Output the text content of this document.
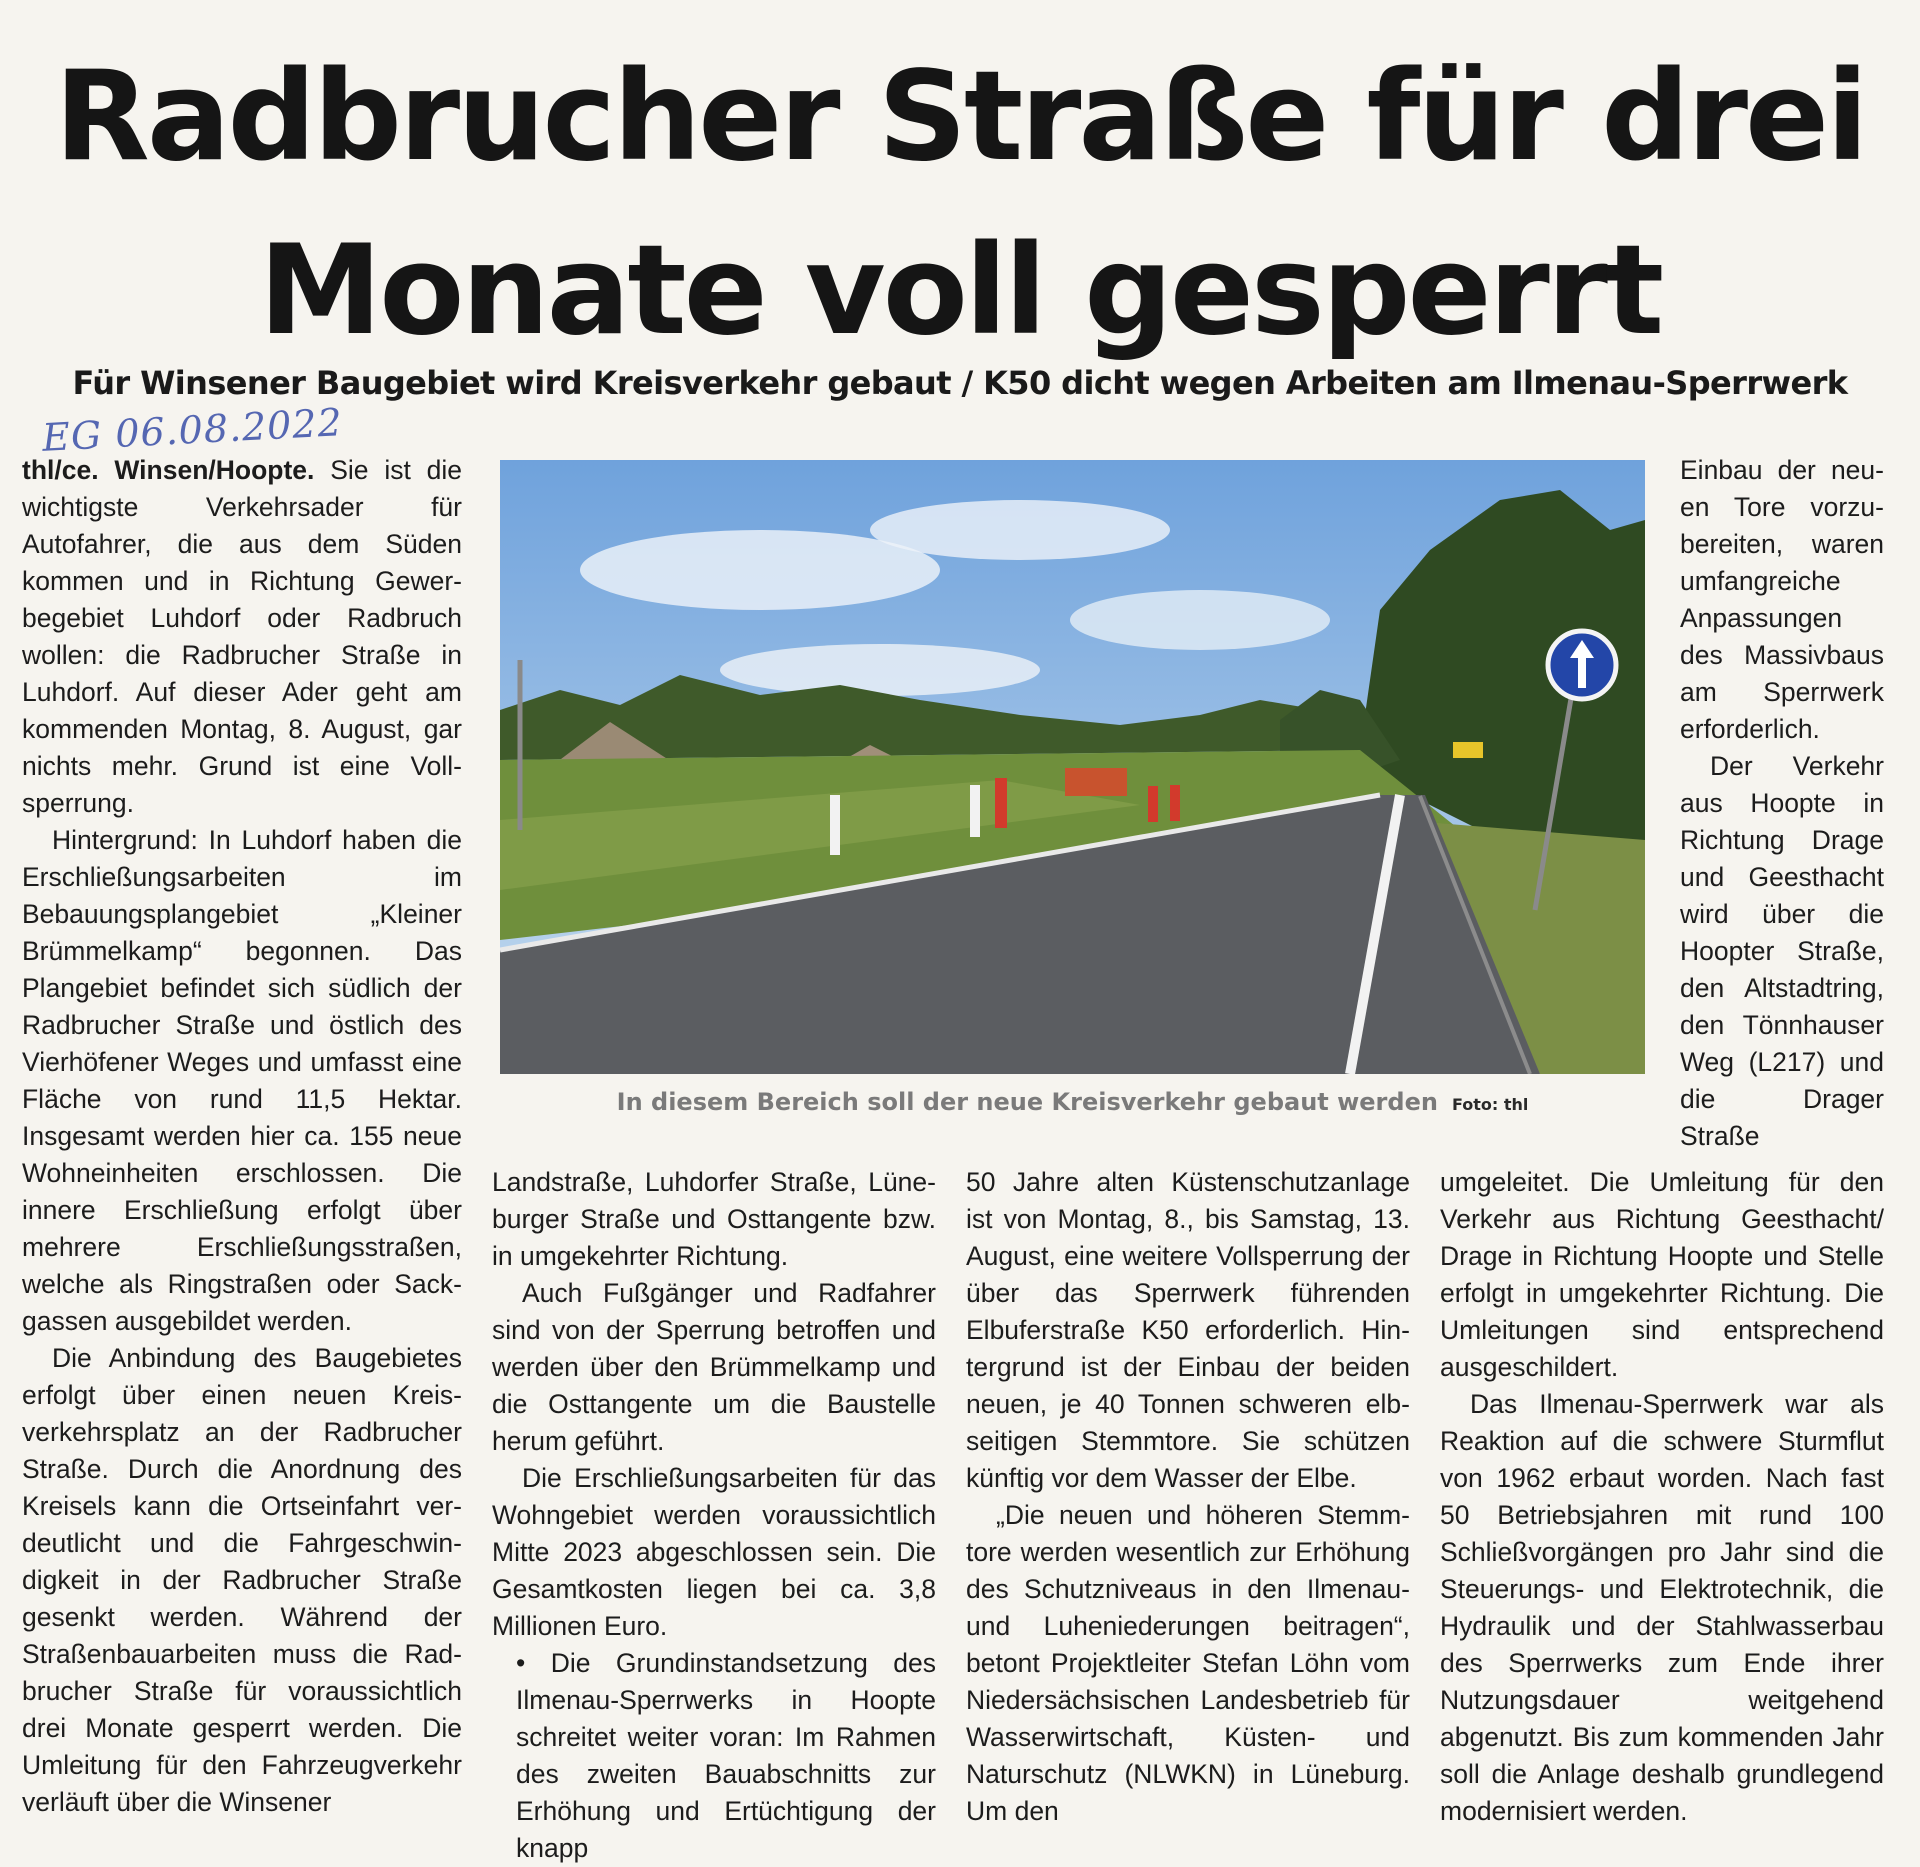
Radbrucher Straße für drei
Monate voll gesperrt
Für Winsener Baugebiet wird Kreisverkehr gebaut / K50 dicht wegen Arbeiten am Ilmenau-Sperrwerk
EG 06.08.2022

thl/ce. Winsen/Hoopte. Sie ist die wichtigste Verkehrsader für Autofahrer, die aus dem Süden kommen und in Richtung Gewerbegebiet Luhdorf oder Radbruch wollen: die Radbrucher Straße in Luhdorf. Auf dieser Ader geht am kommenden Montag, 8. August, gar nichts mehr. Grund ist eine Vollsperrung.

Hintergrund: In Luhdorf haben die Erschließungsarbeiten im Bebauungsplangebiet „Kleiner Brümmelkamp“ begonnen. Das Plangebiet befindet sich südlich der Radbrucher Straße und östlich des Vierhöfener Weges und umfasst eine Fläche von rund 11,5 Hektar. Insgesamt werden hier ca. 155 neue Wohneinheiten erschlossen. Die innere Erschließung erfolgt über mehrere Erschließungsstraßen, welche als Ringstraßen oder Sackgassen ausgebildet werden.

Die Anbindung des Baugebietes erfolgt über einen neuen Kreisverkehrsplatz an der Radbrucher Straße. Durch die Anordnung des Kreisels kann die Ortseinfahrt verdeutlicht und die Fahrgeschwindigkeit in der Radbrucher Straße gesenkt werden. Während der Straßenbauarbeiten muss die Radbrucher Straße für voraussichtlich drei Monate gesperrt werden. Die Umleitung für den Fahrzeugverkehr verläuft über die Winsener

In diesem Bereich soll der neue Kreisverkehr gebaut werden Foto: thl

Einbau der neuen Tore vorzubereiten, waren umfangreiche Anpassungen des Massivbaus am Sperrwerk erforderlich.

Der Verkehr aus Hoopte in Richtung Drage und Geesthacht wird über die Hoopter Straße, den Altstadtring, den Tönnhauser Weg (L217) und die Drager Straße

Landstraße, Luhdorfer Straße, Lüneburger Straße und Osttangente bzw. in umgekehrter Richtung.

Auch Fußgänger und Radfahrer sind von der Sperrung betroffen und werden über den Brümmelkamp und die Osttangente um die Baustelle herum geführt.

Die Erschließungsarbeiten für das Wohngebiet werden voraussichtlich Mitte 2023 abgeschlossen sein. Die Gesamtkosten liegen bei ca. 3,8 Millionen Euro.

• Die Grundinstandsetzung des Ilmenau-Sperrwerks in Hoopte schreitet weiter voran: Im Rahmen des zweiten Bauabschnitts zur Erhöhung und Ertüchtigung der knapp

50 Jahre alten Küstenschutzanlage ist von Montag, 8., bis Samstag, 13. August, eine weitere Vollsperrung der über das Sperrwerk führenden Elbuferstraße K50 erforderlich. Hintergrund ist der Einbau der beiden neuen, je 40 Tonnen schweren elbseitigen Stemmtore. Sie schützen künftig vor dem Wasser der Elbe.

„Die neuen und höheren Stemmtore werden wesentlich zur Erhöhung des Schutzniveaus in den Ilmenau- und Luheniederungen beitragen“, betont Projektleiter Stefan Löhn vom Niedersächsischen Landesbetrieb für Wasserwirtschaft, Küsten- und Naturschutz (NLWKN) in Lüneburg. Um den

umgeleitet. Die Umleitung für den Verkehr aus Richtung Geesthacht/ Drage in Richtung Hoopte und Stelle erfolgt in umgekehrter Richtung. Die Umleitungen sind entsprechend ausgeschildert.

Das Ilmenau-Sperrwerk war als Reaktion auf die schwere Sturmflut von 1962 erbaut worden. Nach fast 50 Betriebsjahren mit rund 100 Schließvorgängen pro Jahr sind die Steuerungs- und Elektrotechnik, die Hydraulik und der Stahlwasserbau des Sperrwerks zum Ende ihrer Nutzungsdauer weitgehend abgenutzt. Bis zum kommenden Jahr soll die Anlage deshalb grundlegend modernisiert werden.
